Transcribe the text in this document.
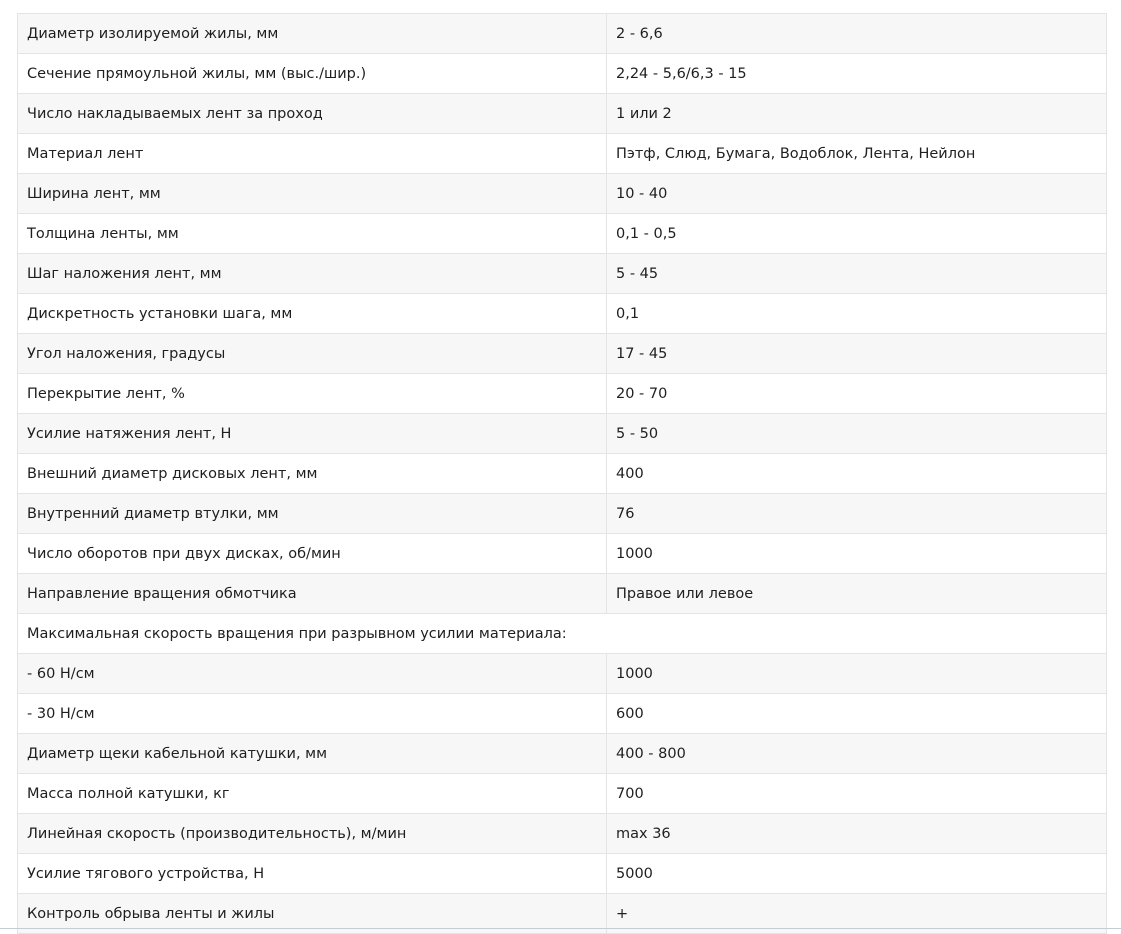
Диаметр изолируемой жилы, мм	2 - 6,6
Сечение прямоульной жилы, мм (выс./шир.)	2,24 - 5,6/6,3 - 15
Число накладываемых лент за проход	1 или 2
Материал лент	Пэтф, Слюд, Бумага, Водоблок, Лента, Нейлон
Ширина лент, мм	10 - 40
Толщина ленты, мм	0,1 - 0,5
Шаг наложения лент, мм	5 - 45
Дискретность установки шага, мм	0,1
Угол наложения, градусы	17 - 45
Перекрытие лент, %	20 - 70
Усилие натяжения лент, Н	5 - 50
Внешний диаметр дисковых лент, мм	400
Внутренний диаметр втулки, мм	76
Число оборотов при двух дисках, об/мин	1000
Направление вращения обмотчика	Правое или левое
Максимальная скорость вращения при разрывном усилии материала:	
- 60 Н/см	1000
- 30 Н/см	600
Диаметр щеки кабельной катушки, мм	400 - 800
Масса полной катушки, кг	700
Линейная скорость (производительность), м/мин	max 36
Усилие тягового устройства, Н	5000
Контроль обрыва ленты и жилы	+
